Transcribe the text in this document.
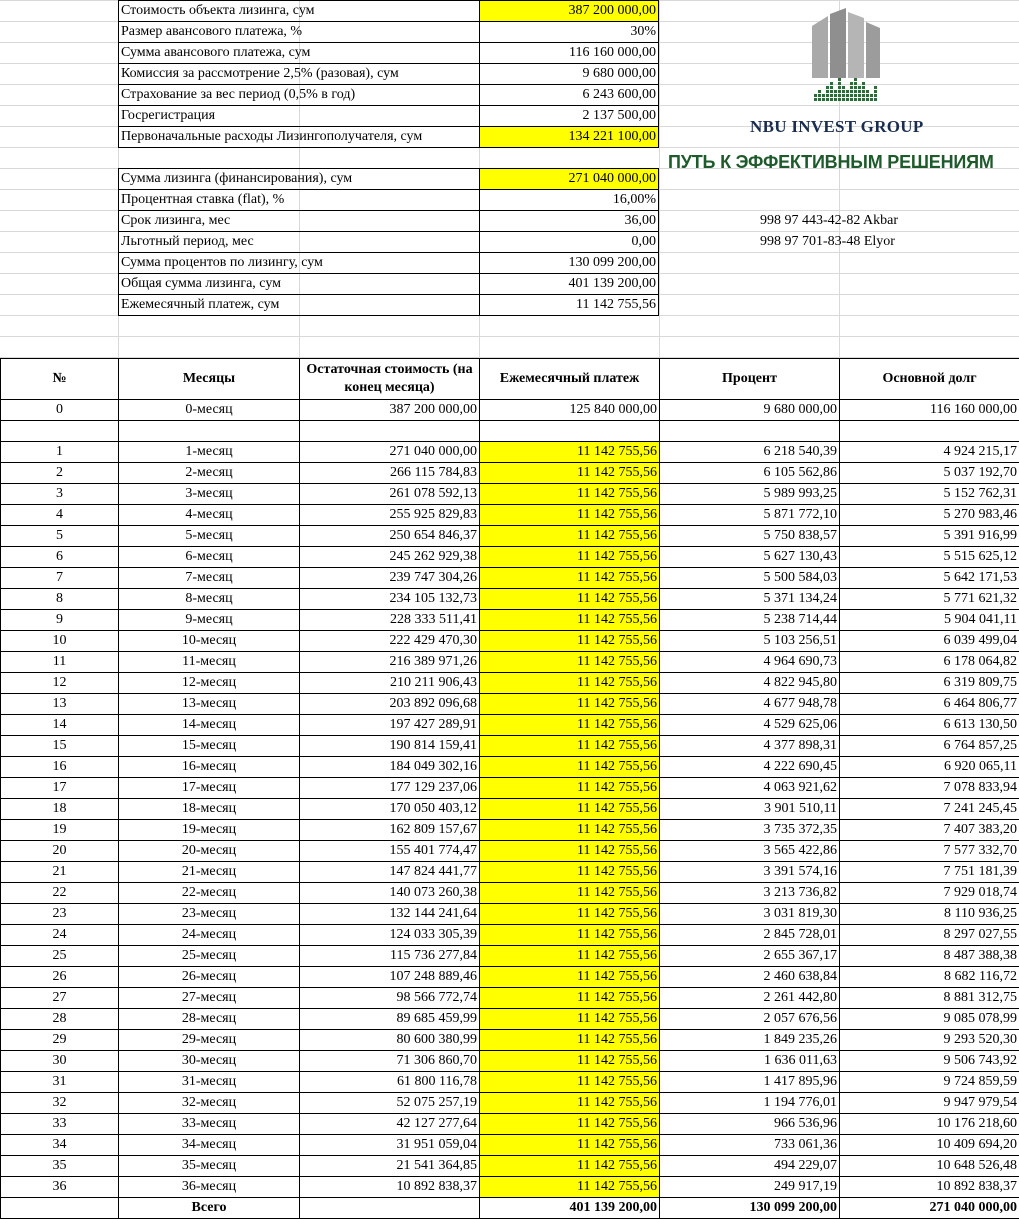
Стоимость объекта лизинга, сум	387 200 000,00
Размер авансового платежа, %	30%
Сумма авансового платежа, сум	116 160 000,00
Комиссия за рассмотрение 2,5% (разовая), сум	9 680 000,00
Страхование за вес период (0,5% в год)	6 243 600,00
Госрегистрация	2 137 500,00
Первоначальные расходы Лизингополучателя, сум	134 221 100,00

Сумма лизинга (финансирования), сум	271 040 000,00
Процентная ставка (flat), %	16,00%
Срок лизинга, мес	36,00
Льготный период, мес	0,00
Сумма процентов по лизингу, сум	130 099 200,00
Общая сумма лизинга, сум	401 139 200,00
Ежемесячный платеж, сум	11 142 755,56
NBU INVEST GROUP
ПУТЬ К ЭФФЕКТИВНЫМ РЕШЕНИЯМ
998 97 443-42-82 Akbar
998 97 701-83-48 Elyor
№	Месяцы	Остаточная стоимость (на конец месяца)	Ежемесячный платеж	Процент	Основной долг
0	0-месяц	387 200 000,00	125 840 000,00	9 680 000,00	116 160 000,00

1	1-месяц	271 040 000,00	11 142 755,56	6 218 540,39	4 924 215,17
2	2-месяц	266 115 784,83	11 142 755,56	6 105 562,86	5 037 192,70
3	3-месяц	261 078 592,13	11 142 755,56	5 989 993,25	5 152 762,31
4	4-месяц	255 925 829,83	11 142 755,56	5 871 772,10	5 270 983,46
5	5-месяц	250 654 846,37	11 142 755,56	5 750 838,57	5 391 916,99
6	6-месяц	245 262 929,38	11 142 755,56	5 627 130,43	5 515 625,12
7	7-месяц	239 747 304,26	11 142 755,56	5 500 584,03	5 642 171,53
8	8-месяц	234 105 132,73	11 142 755,56	5 371 134,24	5 771 621,32
9	9-месяц	228 333 511,41	11 142 755,56	5 238 714,44	5 904 041,11
10	10-месяц	222 429 470,30	11 142 755,56	5 103 256,51	6 039 499,04
11	11-месяц	216 389 971,26	11 142 755,56	4 964 690,73	6 178 064,82
12	12-месяц	210 211 906,43	11 142 755,56	4 822 945,80	6 319 809,75
13	13-месяц	203 892 096,68	11 142 755,56	4 677 948,78	6 464 806,77
14	14-месяц	197 427 289,91	11 142 755,56	4 529 625,06	6 613 130,50
15	15-месяц	190 814 159,41	11 142 755,56	4 377 898,31	6 764 857,25
16	16-месяц	184 049 302,16	11 142 755,56	4 222 690,45	6 920 065,11
17	17-месяц	177 129 237,06	11 142 755,56	4 063 921,62	7 078 833,94
18	18-месяц	170 050 403,12	11 142 755,56	3 901 510,11	7 241 245,45
19	19-месяц	162 809 157,67	11 142 755,56	3 735 372,35	7 407 383,20
20	20-месяц	155 401 774,47	11 142 755,56	3 565 422,86	7 577 332,70
21	21-месяц	147 824 441,77	11 142 755,56	3 391 574,16	7 751 181,39
22	22-месяц	140 073 260,38	11 142 755,56	3 213 736,82	7 929 018,74
23	23-месяц	132 144 241,64	11 142 755,56	3 031 819,30	8 110 936,25
24	24-месяц	124 033 305,39	11 142 755,56	2 845 728,01	8 297 027,55
25	25-месяц	115 736 277,84	11 142 755,56	2 655 367,17	8 487 388,38
26	26-месяц	107 248 889,46	11 142 755,56	2 460 638,84	8 682 116,72
27	27-месяц	98 566 772,74	11 142 755,56	2 261 442,80	8 881 312,75
28	28-месяц	89 685 459,99	11 142 755,56	2 057 676,56	9 085 078,99
29	29-месяц	80 600 380,99	11 142 755,56	1 849 235,26	9 293 520,30
30	30-месяц	71 306 860,70	11 142 755,56	1 636 011,63	9 506 743,92
31	31-месяц	61 800 116,78	11 142 755,56	1 417 895,96	9 724 859,59
32	32-месяц	52 075 257,19	11 142 755,56	1 194 776,01	9 947 979,54
33	33-месяц	42 127 277,64	11 142 755,56	966 536,96	10 176 218,60
34	34-месяц	31 951 059,04	11 142 755,56	733 061,36	10 409 694,20
35	35-месяц	21 541 364,85	11 142 755,56	494 229,07	10 648 526,48
36	36-месяц	10 892 838,37	11 142 755,56	249 917,19	10 892 838,37
	Всего		401 139 200,00	130 099 200,00	271 040 000,00
